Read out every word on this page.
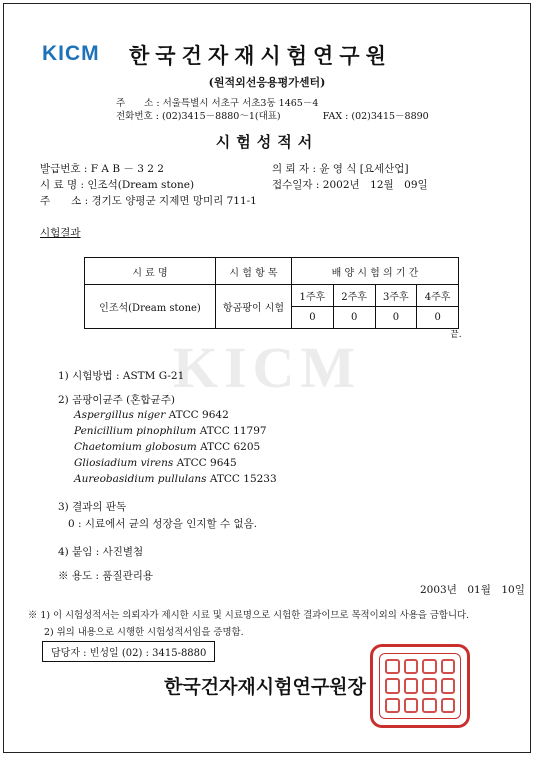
KICM 한국건자재시험연구원
(원적외선응용평가센터)
주　　소 : 서울특별시 서초구 서초3동 1465－4
전화번호 : (02)3415－8880～1(대표)	FAX : (02)3415－8890
시험성적서
발급번호 : F A B － 3 2 2	의 뢰 자 : 윤 영 식 [요세산업]
시 료 명 : 인조석(Dream stone)	접수일자 : 2002년　12월　09일
주　　소 : 경기도 양평군 지제면 망미리 711-1
시험결과
KICM
시 료 명	시 험 항 목	배 양 시 험 의 기 간			
인조석(Dream stone)	항곰팡이 시험	1주후	2주후	3주후	4주후
		0	0	0	0
끝.
1) 시험방법 : ASTM G-21
2) 곰팡이균주 (혼합균주)
Aspergillus niger ATCC 9642
Penicillium pinophilum ATCC 11797
Chaetomium globosum ATCC 6205
Gliosiadium virens ATCC 9645
Aureobasidium pullulans ATCC 15233
3) 결과의 판독
0 : 시료에서 균의 성장을 인지할 수 없음.
4) 붙임 : 사진별첨
※ 용도 : 품질관리용
2003년　01월　10일
※ 1) 이 시험성적서는 의뢰자가 제시한 시료 및 시료명으로 시험한 결과이므로 목적이외의 사용을 금합니다.
2) 위의 내용으로 시행한 시험성적서임을 증명함.
담당자 : 빈성일 (02) : 3415-8880
한국건자재시험연구원장
